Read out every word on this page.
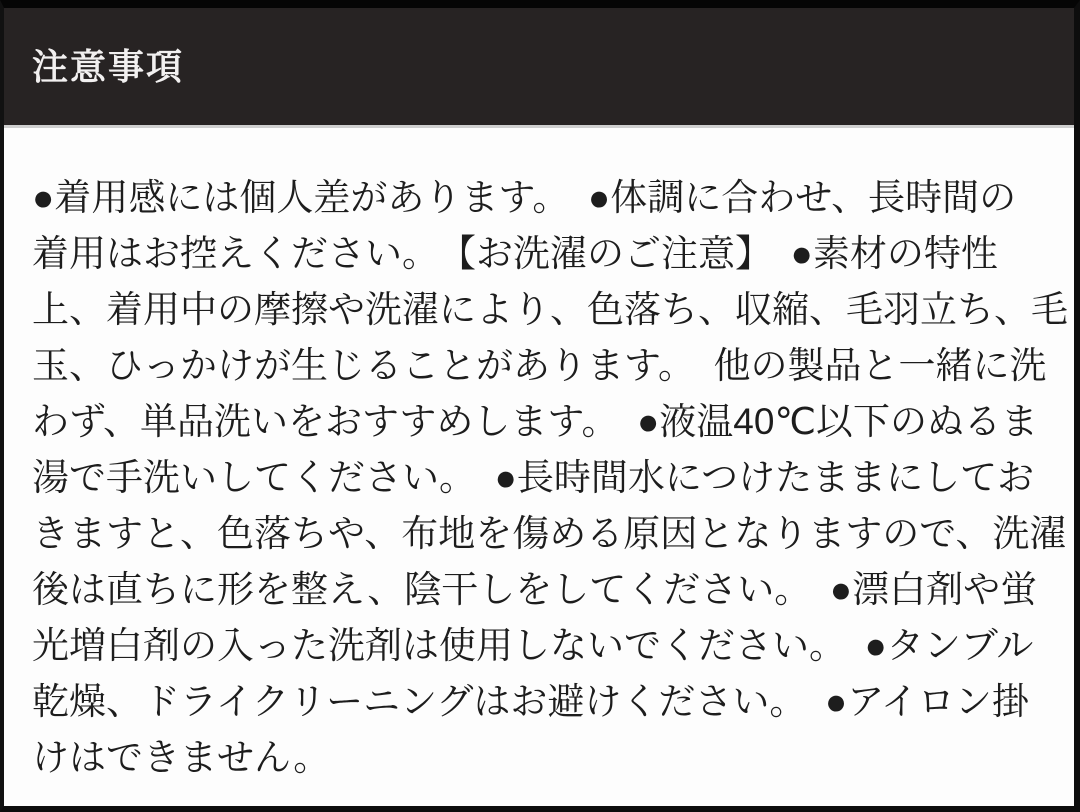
注意事項
●着用感には個人差があります。　●体調に合わせ、長時間の
着用はお控えください。　【お洗濯のご注意】　●素材の特性
上、着用中の摩擦や洗濯により、色落ち、収縮、毛羽立ち、毛
玉、ひっかけが生じることがあります。　他の製品と一緒に洗
わず、単品洗いをおすすめします。　●液温40℃以下のぬるま
湯で手洗いしてください。　●長時間水につけたままにしてお
きますと、色落ちや、布地を傷める原因となりますので、洗濯
後は直ちに形を整え、陰干しをしてください。　●漂白剤や蛍
光増白剤の入った洗剤は使用しないでください。　●タンブル
乾燥、ドライクリーニングはお避けください。　●アイロン掛
けはできません。
